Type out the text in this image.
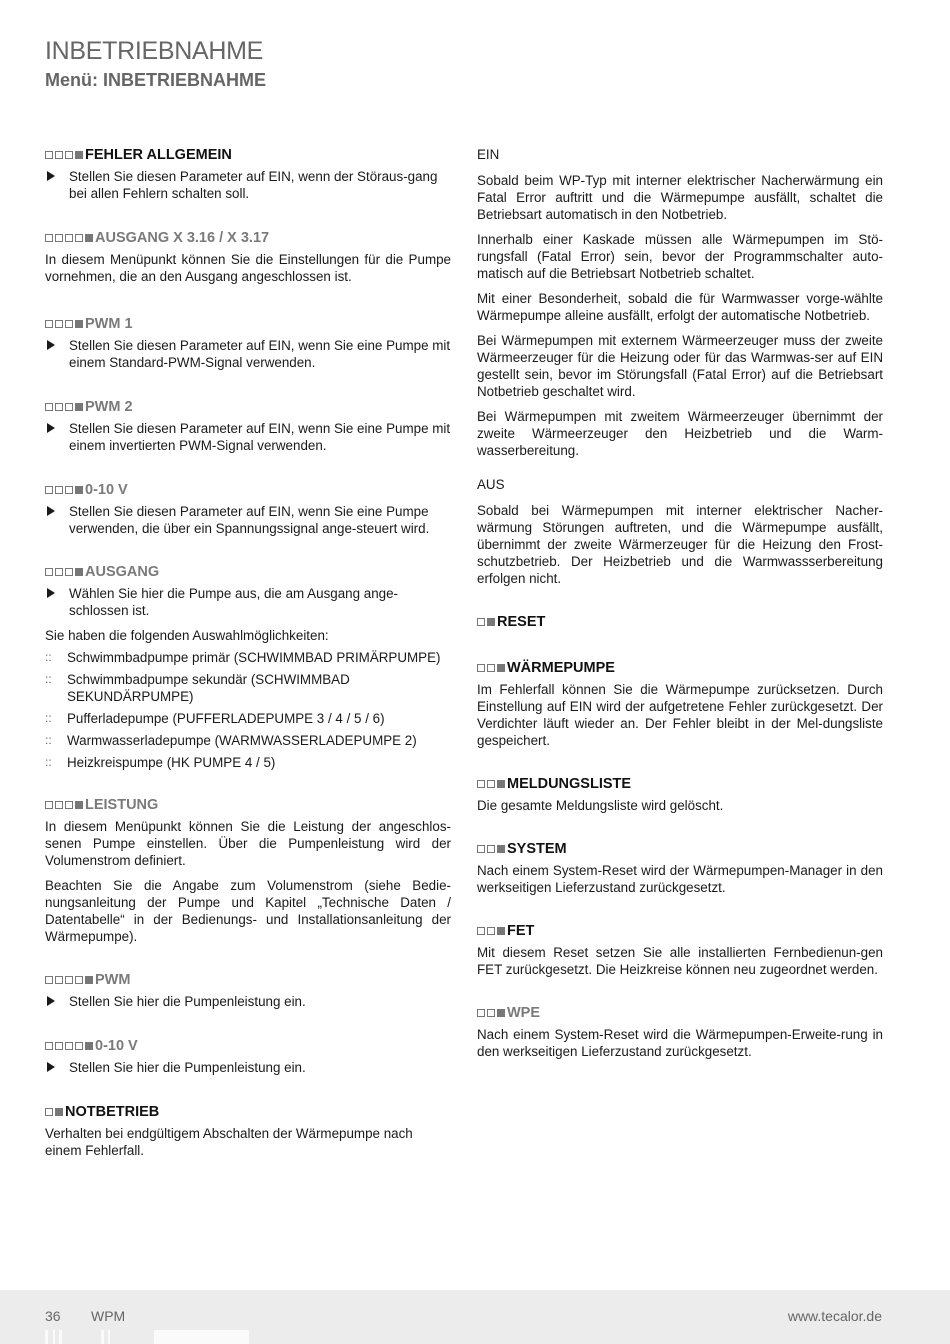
INBETRIEBNAHME
Menü: INBETRIEBNAHME
FEHLER ALLGEMEIN
Stellen Sie diesen Parameter auf EIN, wenn der Störaus-gang bei allen Fehlern schalten soll.
AUSGANG X 3.16 / X 3.17

In diesem Menüpunkt können Sie die Einstellungen für die Pumpe vornehmen, die an den Ausgang angeschlossen ist.

PWM 1
Stellen Sie diesen Parameter auf EIN, wenn Sie eine Pumpe mit einem Standard-PWM-Signal verwenden.
PWM 2
Stellen Sie diesen Parameter auf EIN, wenn Sie eine Pumpe mit einem invertierten PWM-Signal verwenden.
0-10 V
Stellen Sie diesen Parameter auf EIN, wenn Sie eine Pumpe verwenden, die über ein Spannungssignal ange-steuert wird.
AUSGANG
Wählen Sie hier die Pumpe aus, die am Ausgang ange-schlossen ist.

Sie haben die folgenden Auswahlmöglichkeiten:

::	Schwimmbadpumpe primär (SCHWIMMBAD PRIMÄRPUMPE)
::	Schwimmbadpumpe sekundär (SCHWIMMBAD SEKUNDÄRPUMPE)
::	Pufferladepumpe (PUFFERLADEPUMPE 3 / 4 / 5 / 6)
::	Warmwasserladepumpe (WARMWASSERLADEPUMPE 2)
::	Heizkreispumpe (HK PUMPE 4 / 5)
LEISTUNG

In diesem Menüpunkt können Sie die Leistung der angeschlos-senen Pumpe einstellen. Über die Pumpenleistung wird der Volumenstrom definiert.

Beachten Sie die Angabe zum Volumenstrom (siehe Bedie-nungsanleitung der Pumpe und Kapitel „Technische Daten / Datentabelle“ in der Bedienungs- und Installationsanleitung der Wärmepumpe).

PWM
Stellen Sie hier die Pumpenleistung ein.
0-10 V
Stellen Sie hier die Pumpenleistung ein.
NOTBETRIEB

Verhalten bei endgültigem Abschalten der Wärmepumpe nach einem Fehlerfall.

EIN

Sobald beim WP-Typ mit interner elektrischer Nacherwärmung ein Fatal Error auftritt und die Wärmepumpe ausfällt, schaltet die Betriebsart automatisch in den Notbetrieb.

Innerhalb einer Kaskade müssen alle Wärmepumpen im Stö-rungsfall (Fatal Error) sein, bevor der Programmschalter auto-matisch auf die Betriebsart Notbetrieb schaltet.

Mit einer Besonderheit, sobald die für Warmwasser vorge-wählte Wärmepumpe alleine ausfällt, erfolgt der automatische Notbetrieb.

Bei Wärmepumpen mit externem Wärmeerzeuger muss der zweite Wärmeerzeuger für die Heizung oder für das Warmwas-ser auf EIN gestellt sein, bevor im Störungsfall (Fatal Error) auf die Betriebsart Notbetrieb geschaltet wird.

Bei Wärmepumpen mit zweitem Wärmeerzeuger übernimmt der zweite Wärmeerzeuger den Heizbetrieb und die Warm-wasserbereitung.

AUS

Sobald bei Wärmepumpen mit interner elektrischer Nacher-wärmung Störungen auftreten, und die Wärmepumpe ausfällt, übernimmt der zweite Wärmerzeuger für die Heizung den Frost-schutzbetrieb. Der Heizbetrieb und die Warmwassserbereitung erfolgen nicht.

RESET
WÄRMEPUMPE

Im Fehlerfall können Sie die Wärmepumpe zurücksetzen. Durch Einstellung auf EIN wird der aufgetretene Fehler zurückgesetzt. Der Verdichter läuft wieder an. Der Fehler bleibt in der Mel-dungsliste gespeichert.

MELDUNGSLISTE

Die gesamte Meldungsliste wird gelöscht.

SYSTEM

Nach einem System-Reset wird der Wärmepumpen-Manager in den werkseitigen Lieferzustand zurückgesetzt.

FET

Mit diesem Reset setzen Sie alle installierten Fernbedienun-gen FET zurückgesetzt. Die Heizkreise können neu zugeordnet werden.

WPE

Nach einem System-Reset wird die Wärmepumpen-Erweite-rung in den werkseitigen Lieferzustand zurückgesetzt.

36 WPM	www.tecalor.de
